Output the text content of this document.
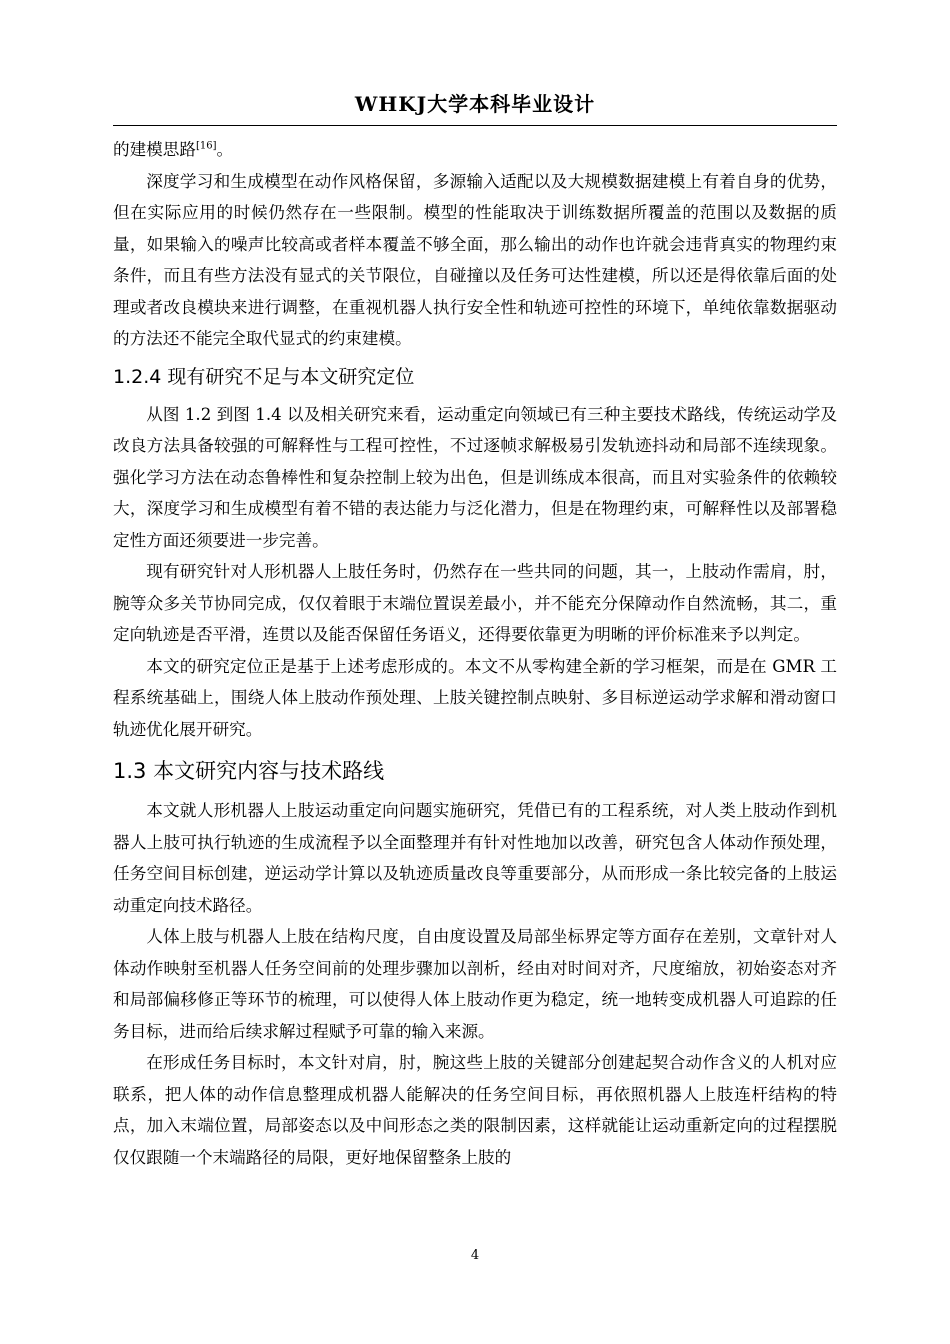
WHKJ大学本科毕业设计

的建模思路[16]。

深度学习和生成模型在动作风格保留，多源输入适配以及大规模数据建模上有着自身的优势，但在实际应用的时候仍然存在一些限制。模型的性能取决于训练数据所覆盖的范围以及数据的质量，如果输入的噪声比较高或者样本覆盖不够全面，那么输出的动作也许就会违背真实的物理约束条件，而且有些方法没有显式的关节限位，自碰撞以及任务可达性建模，所以还是得依靠后面的处理或者改良模块来进行调整，在重视机器人执行安全性和轨迹可控性的环境下，单纯依靠数据驱动的方法还不能完全取代显式的约束建模。

1.2.4 现有研究不足与本文研究定位

从图 1.2 到图 1.4 以及相关研究来看，运动重定向领域已有三种主要技术路线，传统运动学及改良方法具备较强的可解释性与工程可控性，不过逐帧求解极易引发轨迹抖动和局部不连续现象。强化学习方法在动态鲁棒性和复杂控制上较为出色，但是训练成本很高，而且对实验条件的依赖较大，深度学习和生成模型有着不错的表达能力与泛化潜力，但是在物理约束，可解释性以及部署稳定性方面还须要进一步完善。

现有研究针对人形机器人上肢任务时，仍然存在一些共同的问题，其一，上肢动作需肩，肘，腕等众多关节协同完成，仅仅着眼于末端位置误差最小，并不能充分保障动作自然流畅，其二，重定向轨迹是否平滑，连贯以及能否保留任务语义，还得要依靠更为明晰的评价标准来予以判定。

本文的研究定位正是基于上述考虑形成的。本文不从零构建全新的学习框架，而是在 GMR 工程系统基础上，围绕人体上肢动作预处理、上肢关键控制点映射、多目标逆运动学求解和滑动窗口轨迹优化展开研究。

1.3 本文研究内容与技术路线

本文就人形机器人上肢运动重定向问题实施研究，凭借已有的工程系统，对人类上肢动作到机器人上肢可执行轨迹的生成流程予以全面整理并有针对性地加以改善，研究包含人体动作预处理，任务空间目标创建，逆运动学计算以及轨迹质量改良等重要部分，从而形成一条比较完备的上肢运动重定向技术路径。

人体上肢与机器人上肢在结构尺度，自由度设置及局部坐标界定等方面存在差别，文章针对人体动作映射至机器人任务空间前的处理步骤加以剖析，经由对时间对齐，尺度缩放，初始姿态对齐和局部偏移修正等环节的梳理，可以使得人体上肢动作更为稳定，统一地转变成机器人可追踪的任务目标，进而给后续求解过程赋予可靠的输入来源。

在形成任务目标时，本文针对肩，肘，腕这些上肢的关键部分创建起契合动作含义的人机对应联系，把人体的动作信息整理成机器人能解决的任务空间目标，再依照机器人上肢连杆结构的特点，加入末端位置，局部姿态以及中间形态之类的限制因素，这样就能让运动重新定向的过程摆脱仅仅跟随一个末端路径的局限，更好地保留整条上肢的

4
